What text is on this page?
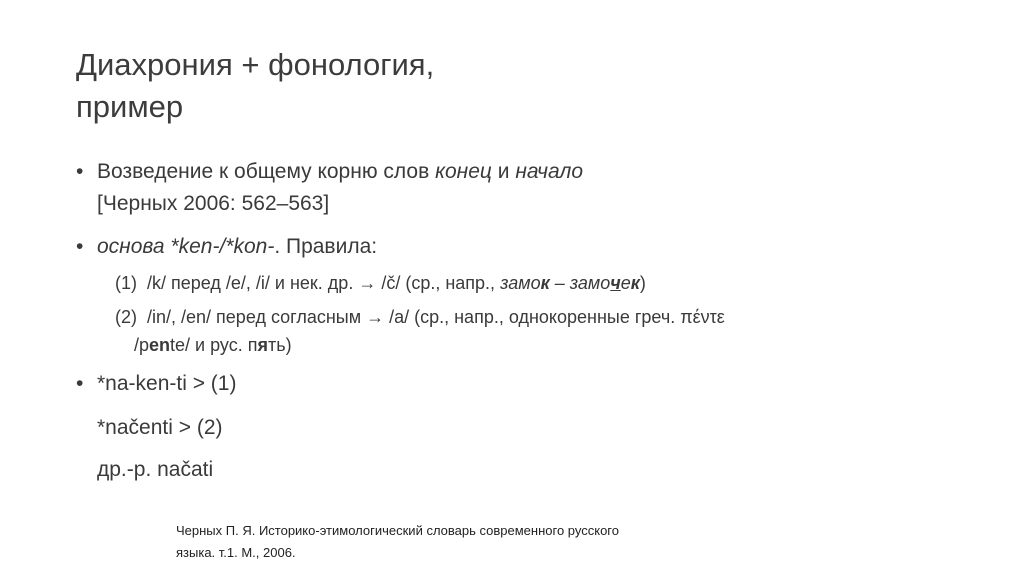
Диахрония + фонология,
пример
• Возведение к общему корню слов конец и начало
[Черных 2006: 562–563]
• основа *ken-/*kon-. Правила:
(1) /k/ перед /e/, /i/ и нек. др. → /č/ (ср., напр., замок – замочек)
(2) /in/, /en/ перед согласным → /a/ (ср., напр., однокоренные греч. πέντε
/pente/ и рус. пять)
• *na-ken-ti > (1)
*načenti > (2)
др.-р. načati
Черных П. Я. Историко-этимологический словарь современного русского
языка. т.1. М., 2006.
